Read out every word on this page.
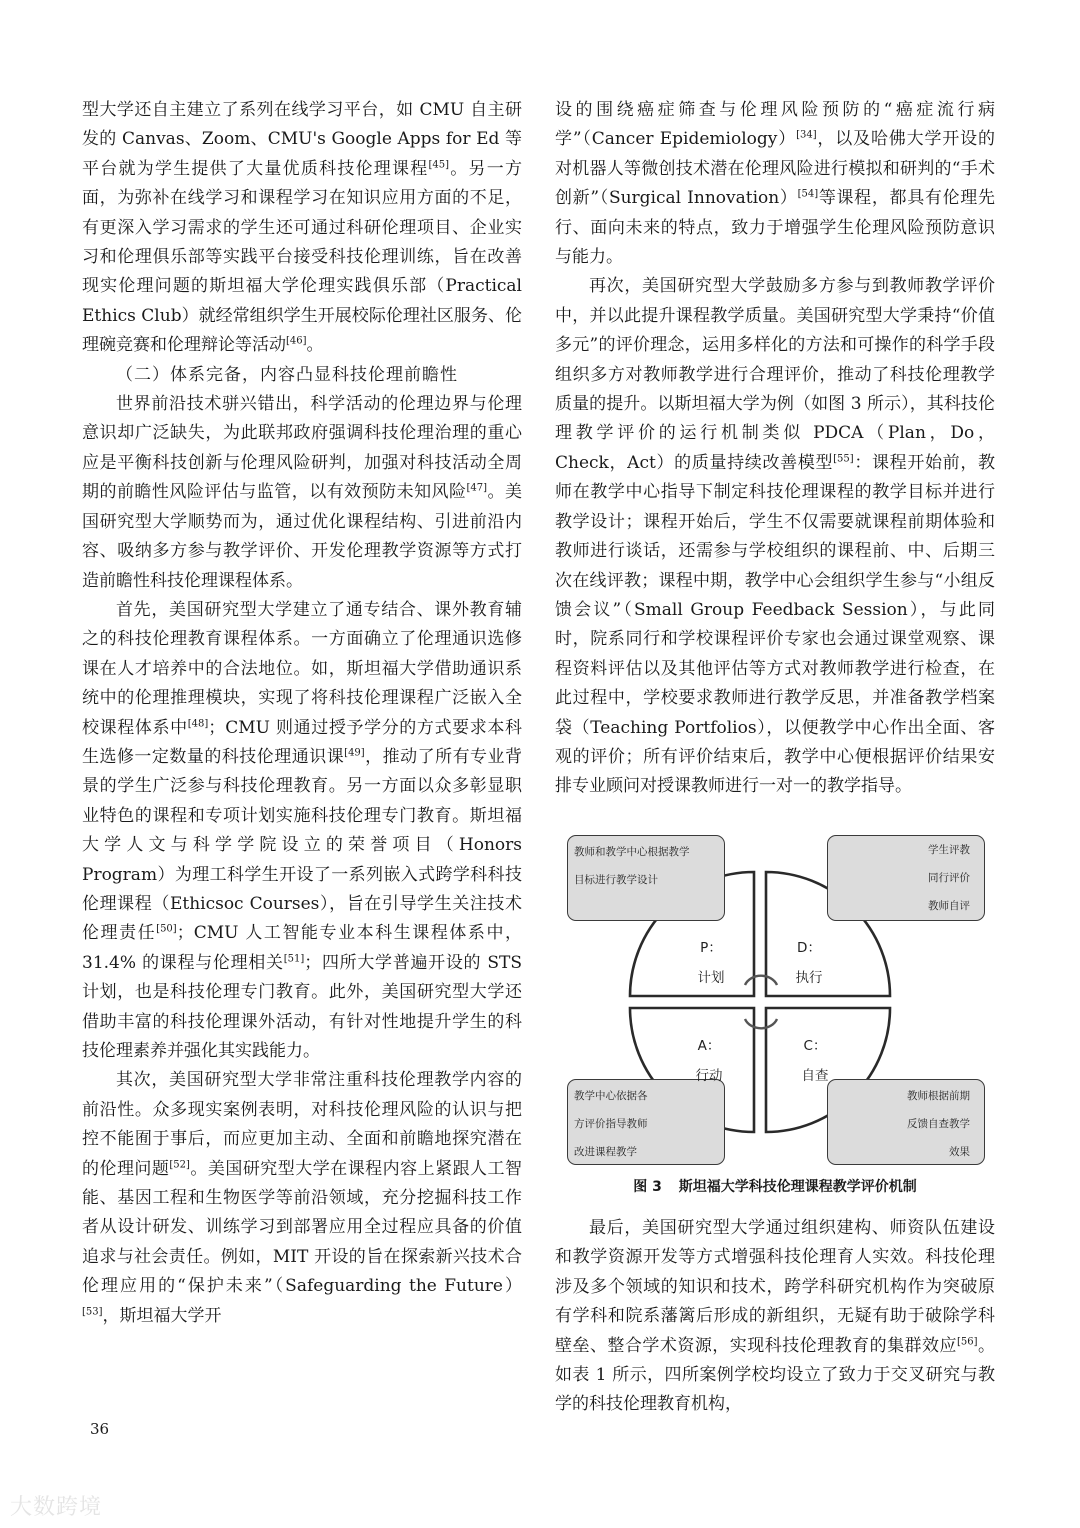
型大学还自主建立了系列在线学习平台，如 CMU 自主研发的 Canvas、Zoom、CMU's Google Apps for Ed 等平台就为学生提供了大量优质科技伦理课程[45]。另一方面，为弥补在线学习和课程学习在知识应用方面的不足，有更深入学习需求的学生还可通过科研伦理项目、企业实习和伦理俱乐部等实践平台接受科技伦理训练，旨在改善现实伦理问题的斯坦福大学伦理实践俱乐部（Practical Ethics Club）就经常组织学生开展校际伦理社区服务、伦理碗竞赛和伦理辩论等活动[46]。

（二）体系完备，内容凸显科技伦理前瞻性

世界前沿技术骈兴错出，科学活动的伦理边界与伦理意识却广泛缺失，为此联邦政府强调科技伦理治理的重心应是平衡科技创新与伦理风险研判，加强对科技活动全周期的前瞻性风险评估与监管，以有效预防未知风险[47]。美国研究型大学顺势而为，通过优化课程结构、引进前沿内容、吸纳多方参与教学评价、开发伦理教学资源等方式打造前瞻性科技伦理课程体系。

首先，美国研究型大学建立了通专结合、课外教育辅之的科技伦理教育课程体系。一方面确立了伦理通识选修课在人才培养中的合法地位。如，斯坦福大学借助通识系统中的伦理推理模块，实现了将科技伦理课程广泛嵌入全校课程体系中[48]；CMU 则通过授予学分的方式要求本科生选修一定数量的科技伦理通识课[49]，推动了所有专业背景的学生广泛参与科技伦理教育。另一方面以众多彰显职业特色的课程和专项计划实施科技伦理专门教育。斯坦福大学人文与科学学院设立的荣誉项目（Honors Program）为理工科学生开设了一系列嵌入式跨学科科技伦理课程（Ethicsoc Courses），旨在引导学生关注技术伦理责任[50]；CMU 人工智能专业本科生课程体系中，31.4% 的课程与伦理相关[51]；四所大学普遍开设的 STS 计划，也是科技伦理专门教育。此外，美国研究型大学还借助丰富的科技伦理课外活动，有针对性地提升学生的科技伦理素养并强化其实践能力。

其次，美国研究型大学非常注重科技伦理教学内容的前沿性。众多现实案例表明，对科技伦理风险的认识与把控不能囿于事后，而应更加主动、全面和前瞻地探究潜在的伦理问题[52]。美国研究型大学在课程内容上紧跟人工智能、基因工程和生物医学等前沿领域，充分挖掘科技工作者从设计研发、训练学习到部署应用全过程应具备的价值追求与社会责任。例如，MIT 开设的旨在探索新兴技术合伦理应用的“保护未来”（Safeguarding the Future）[53]，斯坦福大学开

设的围绕癌症筛查与伦理风险预防的“癌症流行病学”（Cancer Epidemiology）[34]，以及哈佛大学开设的对机器人等微创技术潜在伦理风险进行模拟和研判的“手术创新”（Surgical Innovation）[54]等课程，都具有伦理先行、面向未来的特点，致力于增强学生伦理风险预防意识与能力。

再次，美国研究型大学鼓励多方参与到教师教学评价中，并以此提升课程教学质量。美国研究型大学秉持“价值多元”的评价理念，运用多样化的方法和可操作的科学手段组织多方对教师教学进行合理评价，推动了科技伦理教学质量的提升。以斯坦福大学为例（如图 3 所示），其科技伦理教学评价的运行机制类似 PDCA（Plan，Do，Check，Act）的质量持续改善模型[55]：课程开始前，教师在教学中心指导下制定科技伦理课程的教学目标并进行教学设计；课程开始后，学生不仅需要就课程前期体验和教师进行谈话，还需参与学校组织的课程前、中、后期三次在线评教；课程中期，教学中心会组织学生参与“小组反馈会议”（Small Group Feedback Session），与此同时，院系同行和学校课程评价专家也会通过课堂观察、课程资料评估以及其他评估等方式对教师教学进行检查，在此过程中，学校要求教师进行教学反思，并准备教学档案袋（Teaching Portfolios），以便教学中心作出全面、客观的评价；所有评价结束后，教学中心便根据评价结果安排专业顾问对授课教师进行一对一的教学指导。

教师和教学中心根据教学
目标进行教学设计
学生评教
同行评价
教师自评
教学中心依据各
方评价指导教师
改进课程教学
教师根据前期
反馈自查教学
效果
P：
计划
D：
执行
A：
行动
C：
自查
图 3 斯坦福大学科技伦理课程教学评价机制

最后，美国研究型大学通过组织建构、师资队伍建设和教学资源开发等方式增强科技伦理育人实效。科技伦理涉及多个领域的知识和技术，跨学科研究机构作为突破原有学科和院系藩篱后形成的新组织，无疑有助于破除学科壁垒、整合学术资源，实现科技伦理教育的集群效应[56]。如表 1 所示，四所案例学校均设立了致力于交叉研究与教学的科技伦理教育机构，

36
大数跨境
